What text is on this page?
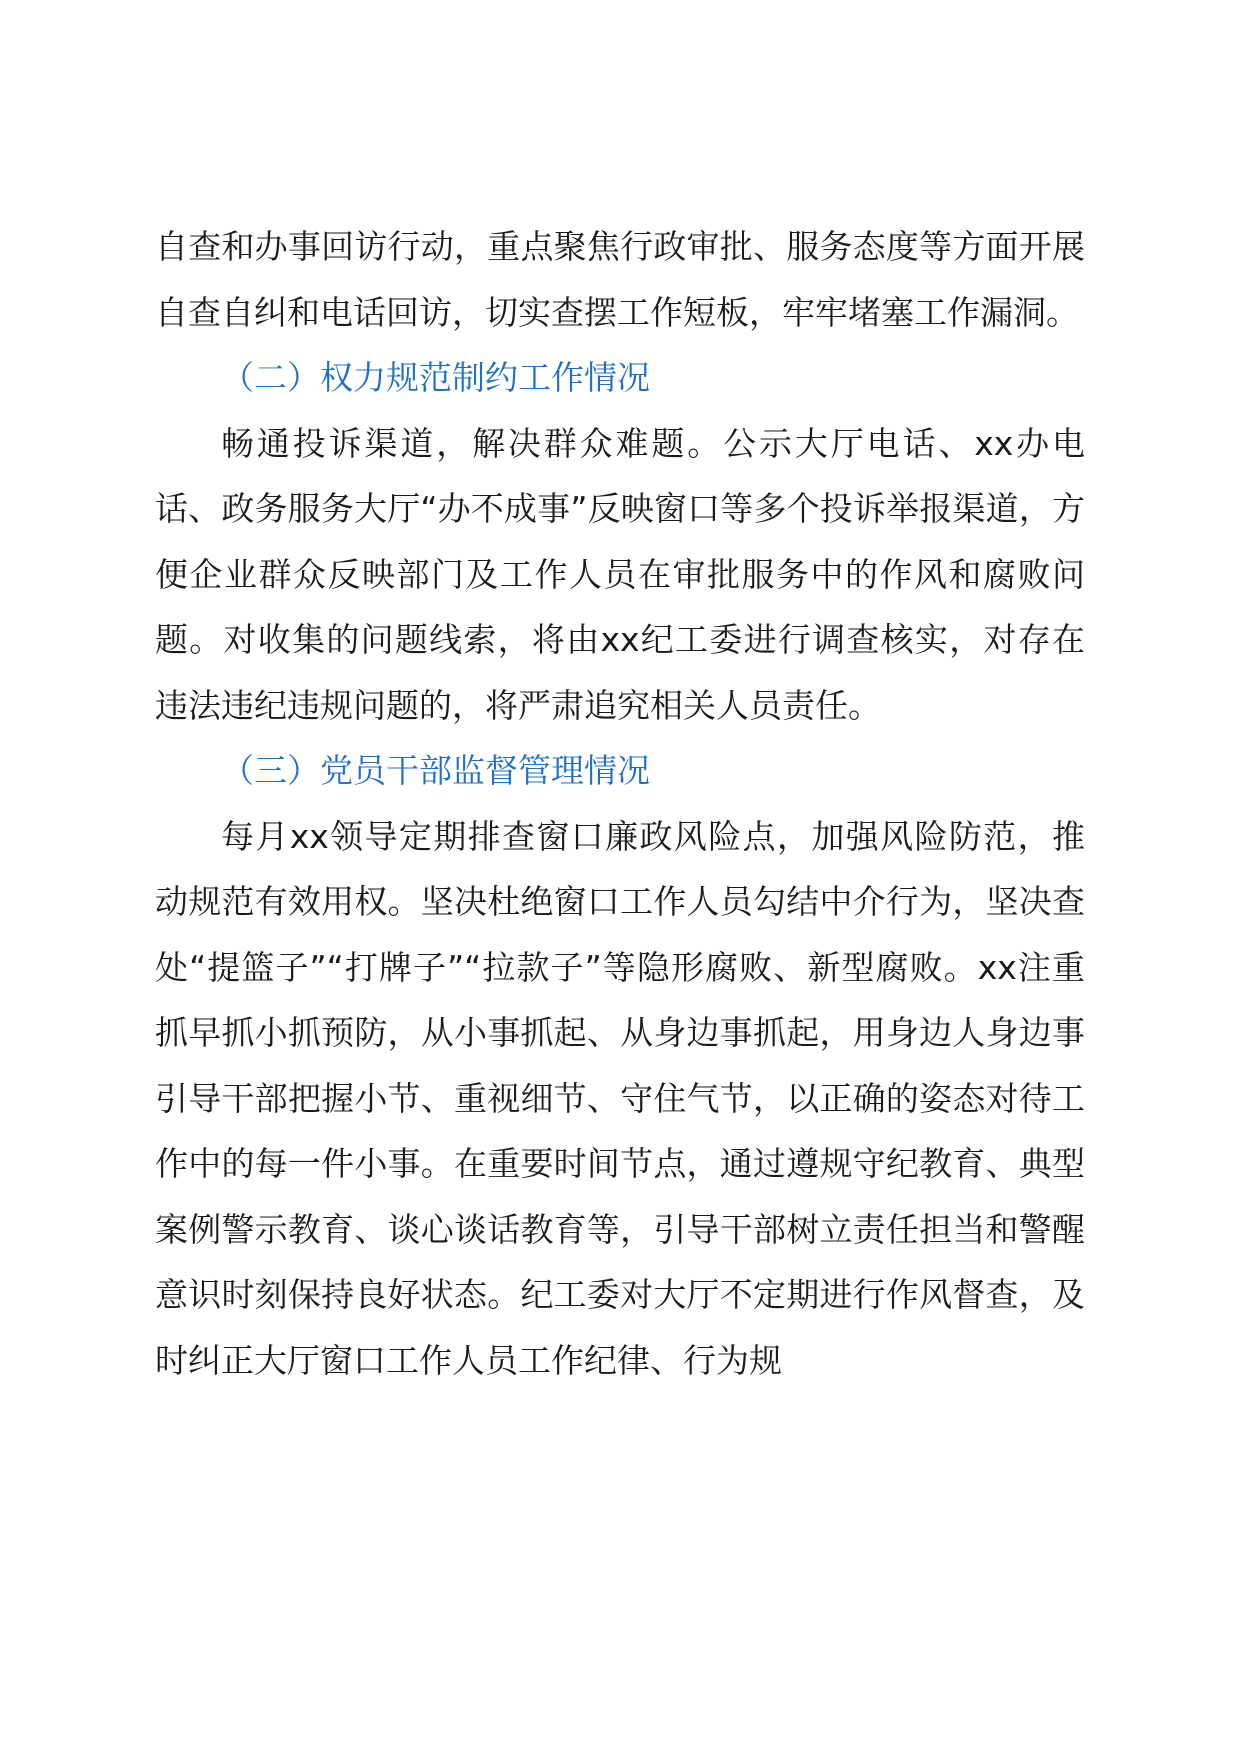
自查和办事回访行动，重点聚焦行政审批、服务态度等方面开展自查自纠和电话回访，切实查摆工作短板，牢牢堵塞工作漏洞。

（二）权力规范制约工作情况

畅通投诉渠道，解决群众难题。公示大厅电话、xx办电话、政务服务大厅“办不成事”反映窗口等多个投诉举报渠道，方便企业群众反映部门及工作人员在审批服务中的作风和腐败问题。对收集的问题线索，将由xx纪工委进行调查核实，对存在违法违纪违规问题的，将严肃追究相关人员责任。

（三）党员干部监督管理情况

每月xx领导定期排查窗口廉政风险点，加强风险防范，推动规范有效用权。坚决杜绝窗口工作人员勾结中介行为，坚决查处“提篮子”“打牌子”“拉款子”等隐形腐败、新型腐败。xx注重抓早抓小抓预防，从小事抓起、从身边事抓起，用身边人身边事引导干部把握小节、重视细节、守住气节，以正确的姿态对待工作中的每一件小事。在重要时间节点，通过遵规守纪教育、典型案例警示教育、谈心谈话教育等，引导干部树立责任担当和警醒意识时刻保持良好状态。纪工委对大厅不定期进行作风督查，及时纠正大厅窗口工作人员工作纪律、行为规
